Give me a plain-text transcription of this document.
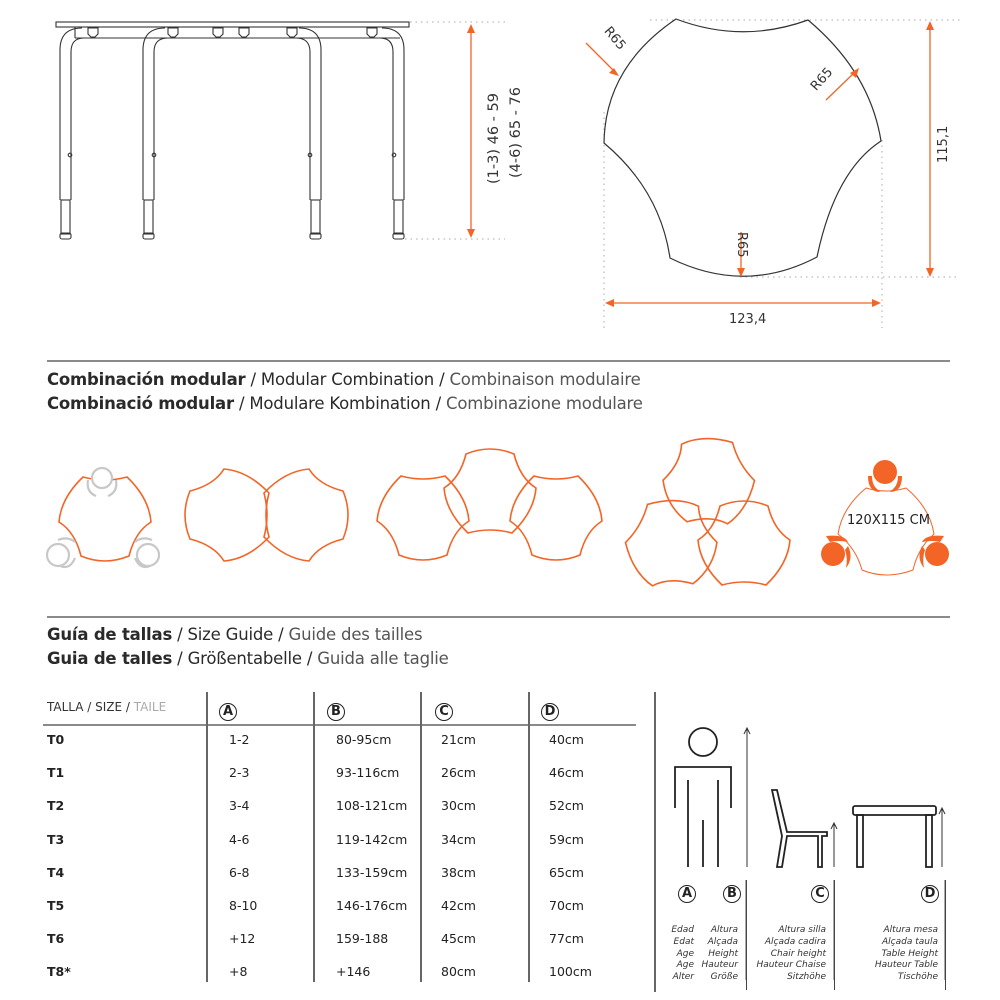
(1-3) 46 - 59 (4-6) 65 - 76
R65
R65
R65
115,1
123,4
Combinación modular / Modular Combination / Combinaison modulaire
Combinació modular / Modulare Kombination / Combinazione modulare
120X115 CM
Guía de tallas / Size Guide / Guide des tailles
Guia de talles / Größentabelle / Guida alle taglie
TALLA / SIZE / TAILE	A	B	C	D
T0	1-2	80-95cm	21cm	40cm
T1	2-3	93-116cm	26cm	46cm
T2	3-4	108-121cm	30cm	52cm
T3	4-6	119-142cm	34cm	59cm
T4	6-8	133-159cm	38cm	65cm
T5	8-10	146-176cm	42cm	70cm
T6	+12	159-188	45cm	77cm
T8*	+8	+146	80cm	100cm
A	B	C	D
Edad
Edat
Age
Age
Alter
Altura
Alçada
Height
Hauteur
Größe
Altura silla
Alçada cadira
Chair height
Hauteur Chaise
Sitzhöhe
Altura mesa
Alçada taula
Table Height
Hauteur Table
Tischöhe
